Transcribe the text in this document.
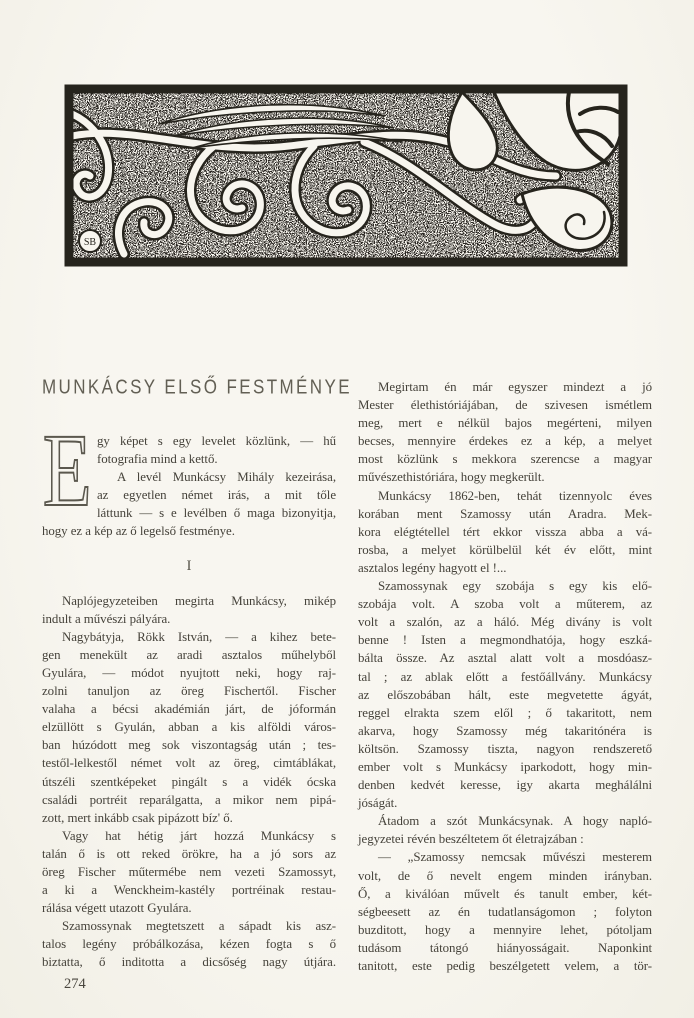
SB
MUNKÁCSY ELSŐ FESTMÉNYE
E gy képet s egy levelet közlünk, — hű
fotografia mind a kettő.
A levél Munkácsy Mihály kezeirása,
az egyetlen német irás, a mit tőle
láttunk — s e levélben ő maga bizonyitja,
hogy ez a kép az ő legelső festménye.
I
Naplójegyzeteiben megirta Munkácsy, mikép
indult a művészi pályára.
Nagybátyja, Rökk István, — a kihez bete-
gen menekült az aradi asztalos műhelyből
Gyulára, — módot nyujtott neki, hogy raj-
zolni tanuljon az öreg Fischertől. Fischer
valaha a bécsi akadémián járt, de jóformán
elzüllött s Gyulán, abban a kis alföldi város-
ban húzódott meg sok viszontagság után ; tes-
testől-lelkestől német volt az öreg, cimtáblákat,
útszéli szentképeket pingált s a vidék ócska
családi portréit reparálgatta, a mikor nem pipá-
zott, mert inkább csak pipázott bíz' ő.
Vagy hat hétig járt hozzá Munkácsy s
talán ő is ott reked örökre, ha a jó sors az
öreg Fischer műtermébe nem vezeti Szamossyt,
a ki a Wenckheim-kastély portréinak restau-
rálása végett utazott Gyulára.
Szamossynak megtetszett a sápadt kis asz-
talos legény próbálkozása, kézen fogta s ő
biztatta, ő inditotta a dicsőség nagy útjára.
274
Megirtam én már egyszer mindezt a jó
Mester élethistóriájában, de szivesen ismétlem
meg, mert e nélkül bajos megérteni, milyen
becses, mennyire érdekes ez a kép, a melyet
most közlünk s mekkora szerencse a magyar
művészethistóriára, hogy megkerült.
Munkácsy 1862-ben, tehát tizennyolc éves
korában ment Szamossy után Aradra. Mek-
kora elégtétellel tért ekkor vissza abba a vá-
rosba, a melyet körülbelül két év előtt, mint
asztalos legény hagyott el !...
Szamossynak egy szobája s egy kis elő-
szobája volt. A szoba volt a műterem, az
volt a szalón, az a háló. Még divány is volt
benne ! Isten a megmondhatója, hogy eszká-
bálta össze. Az asztal alatt volt a mosdóasz-
tal ; az ablak előtt a festőállvány. Munkácsy
az előszobában hált, este megvetette ágyát,
reggel elrakta szem elől ; ő takaritott, nem
akarva, hogy Szamossy még takaritónéra is
költsön. Szamossy tiszta, nagyon rendszerető
ember volt s Munkácsy iparkodott, hogy min-
denben kedvét keresse, igy akarta meghálálni
jóságát.
Átadom a szót Munkácsynak. A hogy napló-
jegyzetei révén beszéltetem őt életrajzában :
— „Szamossy nemcsak művészi mesterem
volt, de ő nevelt engem minden irányban.
Ő, a kiválóan művelt és tanult ember, két-
ségbeesett az én tudatlanságomon ; folyton
buzditott, hogy a mennyire lehet, pótoljam
tudásom tátongó hiányosságait. Naponkint
tanitott, este pedig beszélgetett velem, a tör-
